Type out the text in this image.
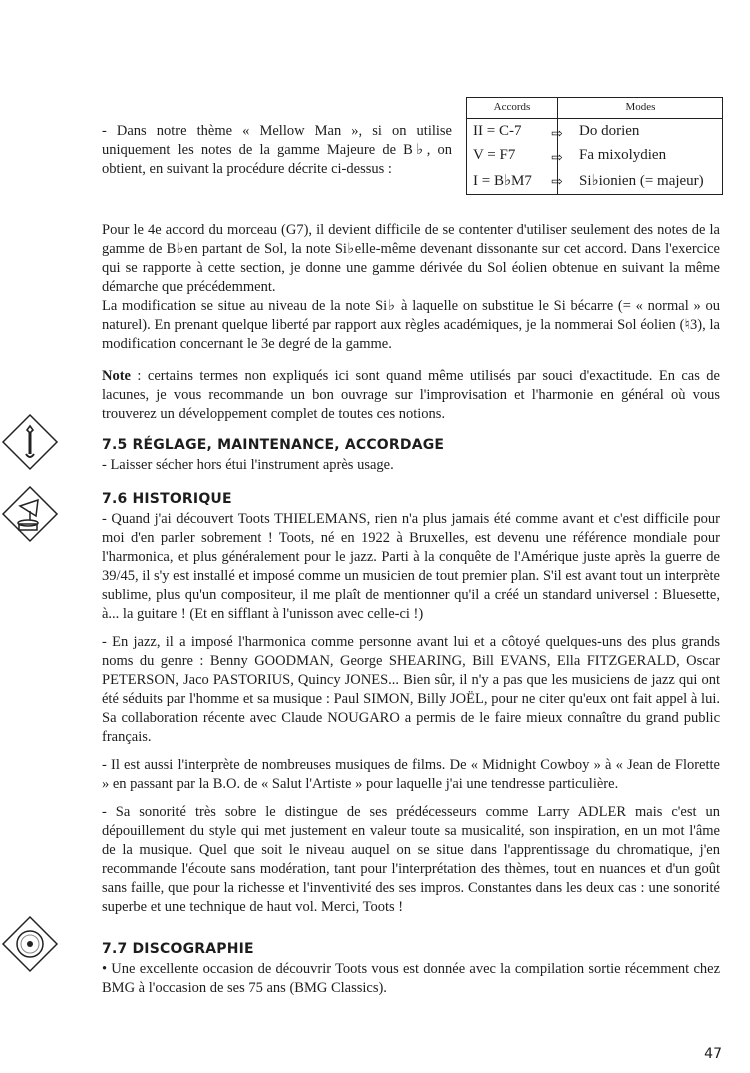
- Dans notre thème « Mellow Man », si on utilise uniquement les notes de la gamme Majeure de B♭, on obtient, en suivant la procédure décrite ci-dessus :
Accords	Modes
II = C-7 ⇨ Do dorien
V = F7	⇨ Fa mixolydien
I = B♭M7 ⇨ Si♭ionien (= majeur)

Pour le 4e accord du morceau (G7), il devient difficile de se contenter d'utiliser seulement des notes de la gamme de B♭en partant de Sol, la note Si♭elle-même devenant dissonante sur cet accord. Dans l'exercice qui se rapporte à cette section, je donne une gamme dérivée du Sol éolien obtenue en suivant la même démarche que précédemment.

La modification se situe au niveau de la note Si♭ à laquelle on substitue le Si bécarre (= « normal » ou naturel). En prenant quelque liberté par rapport aux règles académiques, je la nommerai Sol éolien (♮3), la modification concernant le 3e degré de la gamme.

Note : certains termes non expliqués ici sont quand même utilisés par souci d'exactitude. En cas de lacunes, je vous recommande un bon ouvrage sur l'improvisation et l'harmonie en général où vous trouverez un développement complet de toutes ces notions.

7.5 RÉGLAGE, MAINTENANCE, ACCORDAGE
- Laisser sécher hors étui l'instrument après usage.
7.6 HISTORIQUE

- Quand j'ai découvert Toots THIELEMANS, rien n'a plus jamais été comme avant et c'est difficile pour moi d'en parler sobrement ! Toots, né en 1922 à Bruxelles, est devenu une référence mondiale pour l'harmonica, et plus généralement pour le jazz. Parti à la conquête de l'Amérique juste après la guerre de 39/45, il s'y est installé et imposé comme un musicien de tout premier plan. S'il est avant tout un interprète sublime, plus qu'un compositeur, il me plaît de mentionner qu'il a créé un standard universel : Bluesette, à... la guitare ! (Et en sifflant à l'unisson avec celle-ci !)

- En jazz, il a imposé l'harmonica comme personne avant lui et a côtoyé quelques-uns des plus grands noms du genre : Benny GOODMAN, George SHEARING, Bill EVANS, Ella FITZGERALD, Oscar PETERSON, Jaco PASTORIUS, Quincy JONES... Bien sûr, il n'y a pas que les musiciens de jazz qui ont été séduits par l'homme et sa musique : Paul SIMON, Billy JOËL, pour ne citer qu'eux ont fait appel à lui. Sa collaboration récente avec Claude NOUGARO a permis de le faire mieux connaître du grand public français.

- Il est aussi l'interprète de nombreuses musiques de films. De « Midnight Cowboy » à « Jean de Florette » en passant par la B.O. de « Salut l'Artiste » pour laquelle j'ai une tendresse particulière.

- Sa sonorité très sobre le distingue de ses prédécesseurs comme Larry ADLER mais c'est un dépouillement du style qui met justement en valeur toute sa musicalité, son inspiration, en un mot l'âme de la musique. Quel que soit le niveau auquel on se situe dans l'apprentissage du chromatique, j'en recommande l'écoute sans modération, tant pour l'interprétation des thèmes, tout en nuances et d'un goût sans faille, que pour la richesse et l'inventivité des ses impros. Constantes dans les deux cas : une sonorité superbe et une technique de haut vol. Merci, Toots !

7.7 DISCOGRAPHIE
• Une excellente occasion de découvrir Toots vous est donnée avec la compilation sortie récemment chez BMG à l'occasion de ses 75 ans (BMG Classics).
47
